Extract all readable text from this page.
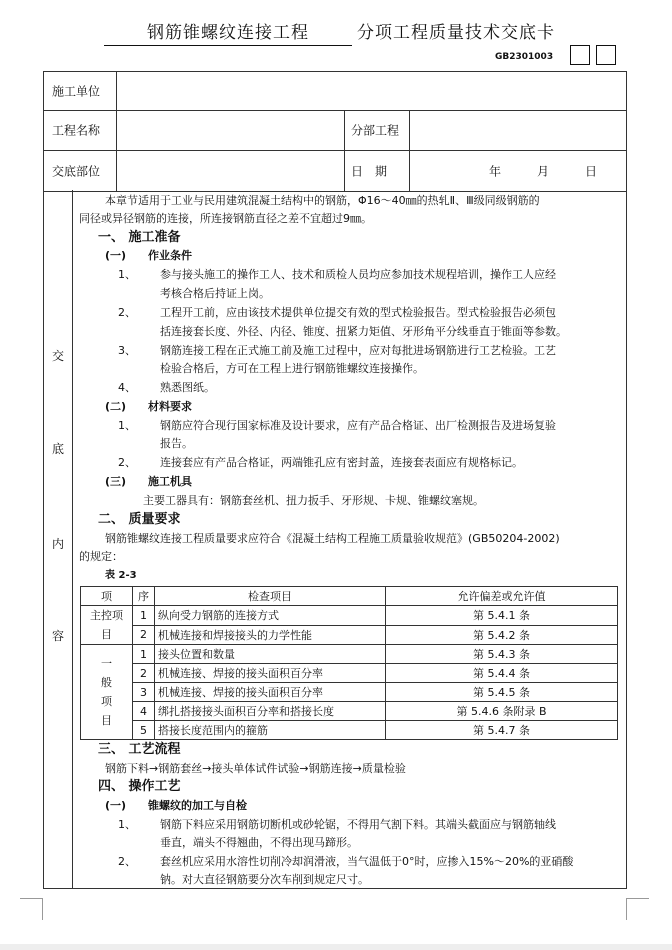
钢筋锥螺纹连接工程	分项工程质量技术交底卡
GB2301003
施工单位
工程名称	分部工程
交底部位	日　期	年　　　月　　　日
交
底
内
容
本章节适用于工业与民用建筑混凝土结构中的钢筋，Φ16～40㎜的热轧Ⅱ、Ⅲ级同级钢筋的
同径或异径钢筋的连接，所连接钢筋直径之差不宜超过9㎜。
一、 施工准备
(一)　　作业条件
1、 参与接头施工的操作工人、技术和质检人员均应参加技术规程培训，操作工人应经
考核合格后持证上岗。
2、 工程开工前，应由该技术提供单位提交有效的型式检验报告。型式检验报告必须包
括连接套长度、外径、内径、锥度、扭紧力矩值、牙形角平分线垂直于锥面等参数。
3、 钢筋连接工程在正式施工前及施工过程中，应对每批进场钢筋进行工艺检验。工艺
检验合格后，方可在工程上进行钢筋锥螺纹连接操作。
4、 熟悉图纸。
(二)　　材料要求
1、 钢筋应符合现行国家标准及设计要求，应有产品合格证、出厂检测报告及进场复验
报告。
2、 连接套应有产品合格证，两端锥孔应有密封盖，连接套表面应有规格标记。
(三)　　施工机具
主要工器具有：钢筋套丝机、扭力扳手、牙形规、卡规、锥螺纹塞规。
二、 质量要求
钢筋锥螺纹连接工程质量要求应符合《混凝土结构工程施工质量验收规范》(GB50204-2002)
的规定：
表 2-3
项	序	检查项目	允许偏差或允许值
主控项目	1	纵向受力钢筋的连接方式	第 5.4.1 条
	2	机械连接和焊接接头的力学性能	第 5.4.2 条
一般项目	1	接头位置和数量	第 5.4.3 条
	2	机械连接、焊接的接头面积百分率	第 5.4.4 条
	3	机械连接、焊接的接头面积百分率	第 5.4.5 条
	4	绑扎搭接接头面积百分率和搭接长度	第 5.4.6 条附录 B
	5	搭接长度范围内的箍筋	第 5.4.7 条
三、 工艺流程
钢筋下料→钢筋套丝→接头单体试件试验→钢筋连接→质量检验
四、 操作工艺
(一)　　锥螺纹的加工与自检
1、 钢筋下料应采用钢筋切断机或砂轮锯，不得用气割下料。其端头截面应与钢筋轴线
垂直，端头不得翘曲，不得出现马蹄形。
2、 套丝机应采用水溶性切削冷却润滑液，当气温低于0°时，应掺入15%～20%的亚硝酸
钠。对大直径钢筋要分次车削到规定尺寸。
